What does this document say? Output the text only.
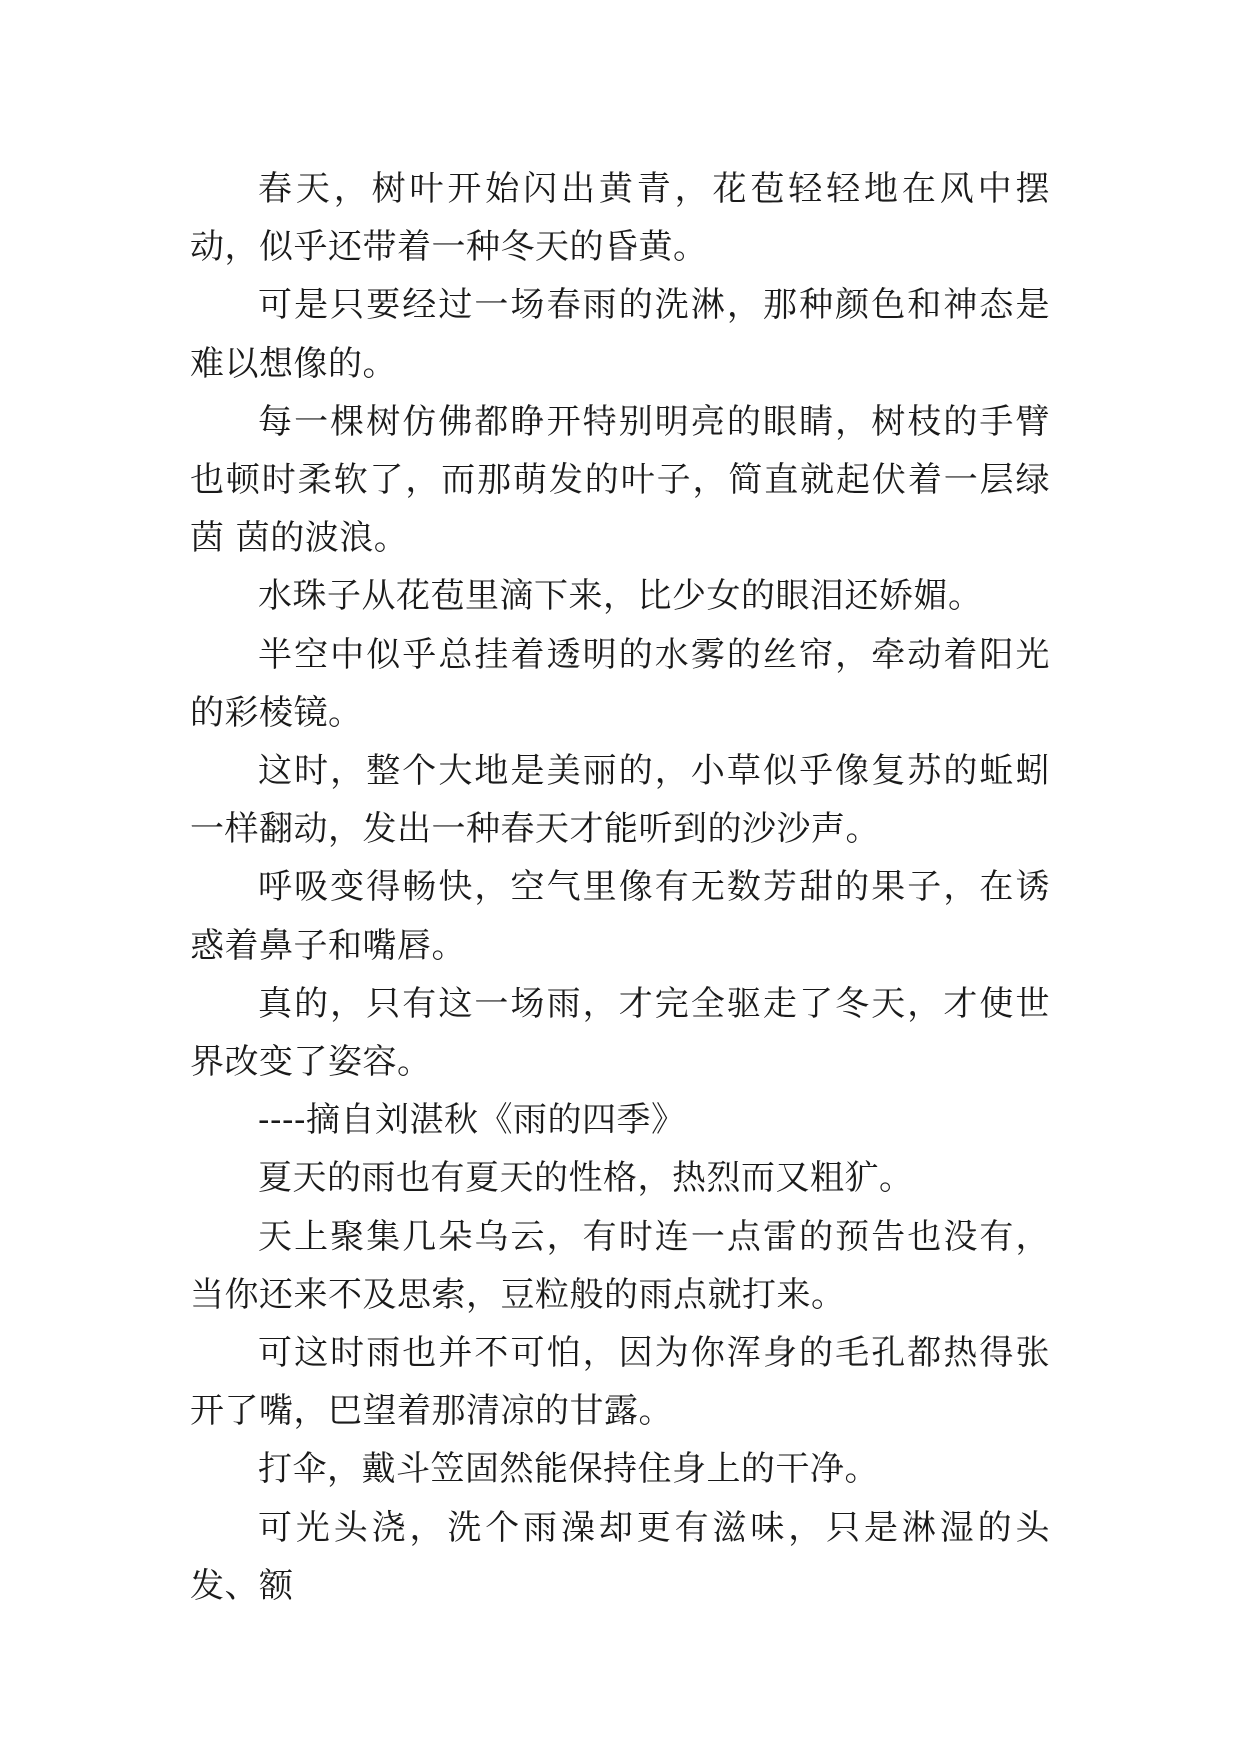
春天，树叶开始闪出黄青，花苞轻轻地在风中摆动，似乎还带着一种冬天的昏黄。

可是只要经过一场春雨的洗淋，那种颜色和神态是难以想像的。

每一棵树仿佛都睁开特别明亮的眼睛，树枝的手臂也顿时柔软了，而那萌发的叶子，简直就起伏着一层绿茵 茵的波浪。

水珠子从花苞里滴下来，比少女的眼泪还娇媚。

半空中似乎总挂着透明的水雾的丝帘，牵动着阳光的彩棱镜。

这时，整个大地是美丽的，小草似乎像复苏的蚯蚓一样翻动，发出一种春天才能听到的沙沙声。

呼吸变得畅快，空气里像有无数芳甜的果子，在诱惑着鼻子和嘴唇。

真的，只有这一场雨，才完全驱走了冬天，才使世界改变了姿容。

----摘自刘湛秋《雨的四季》

夏天的雨也有夏天的性格，热烈而又粗犷。

天上聚集几朵乌云，有时连一点雷的预告也没有，当你还来不及思索，豆粒般的雨点就打来。

可这时雨也并不可怕，因为你浑身的毛孔都热得张开了嘴，巴望着那清凉的甘露。

打伞，戴斗笠固然能保持住身上的干净。

可光头浇，洗个雨澡却更有滋味，只是淋湿的头发、额
